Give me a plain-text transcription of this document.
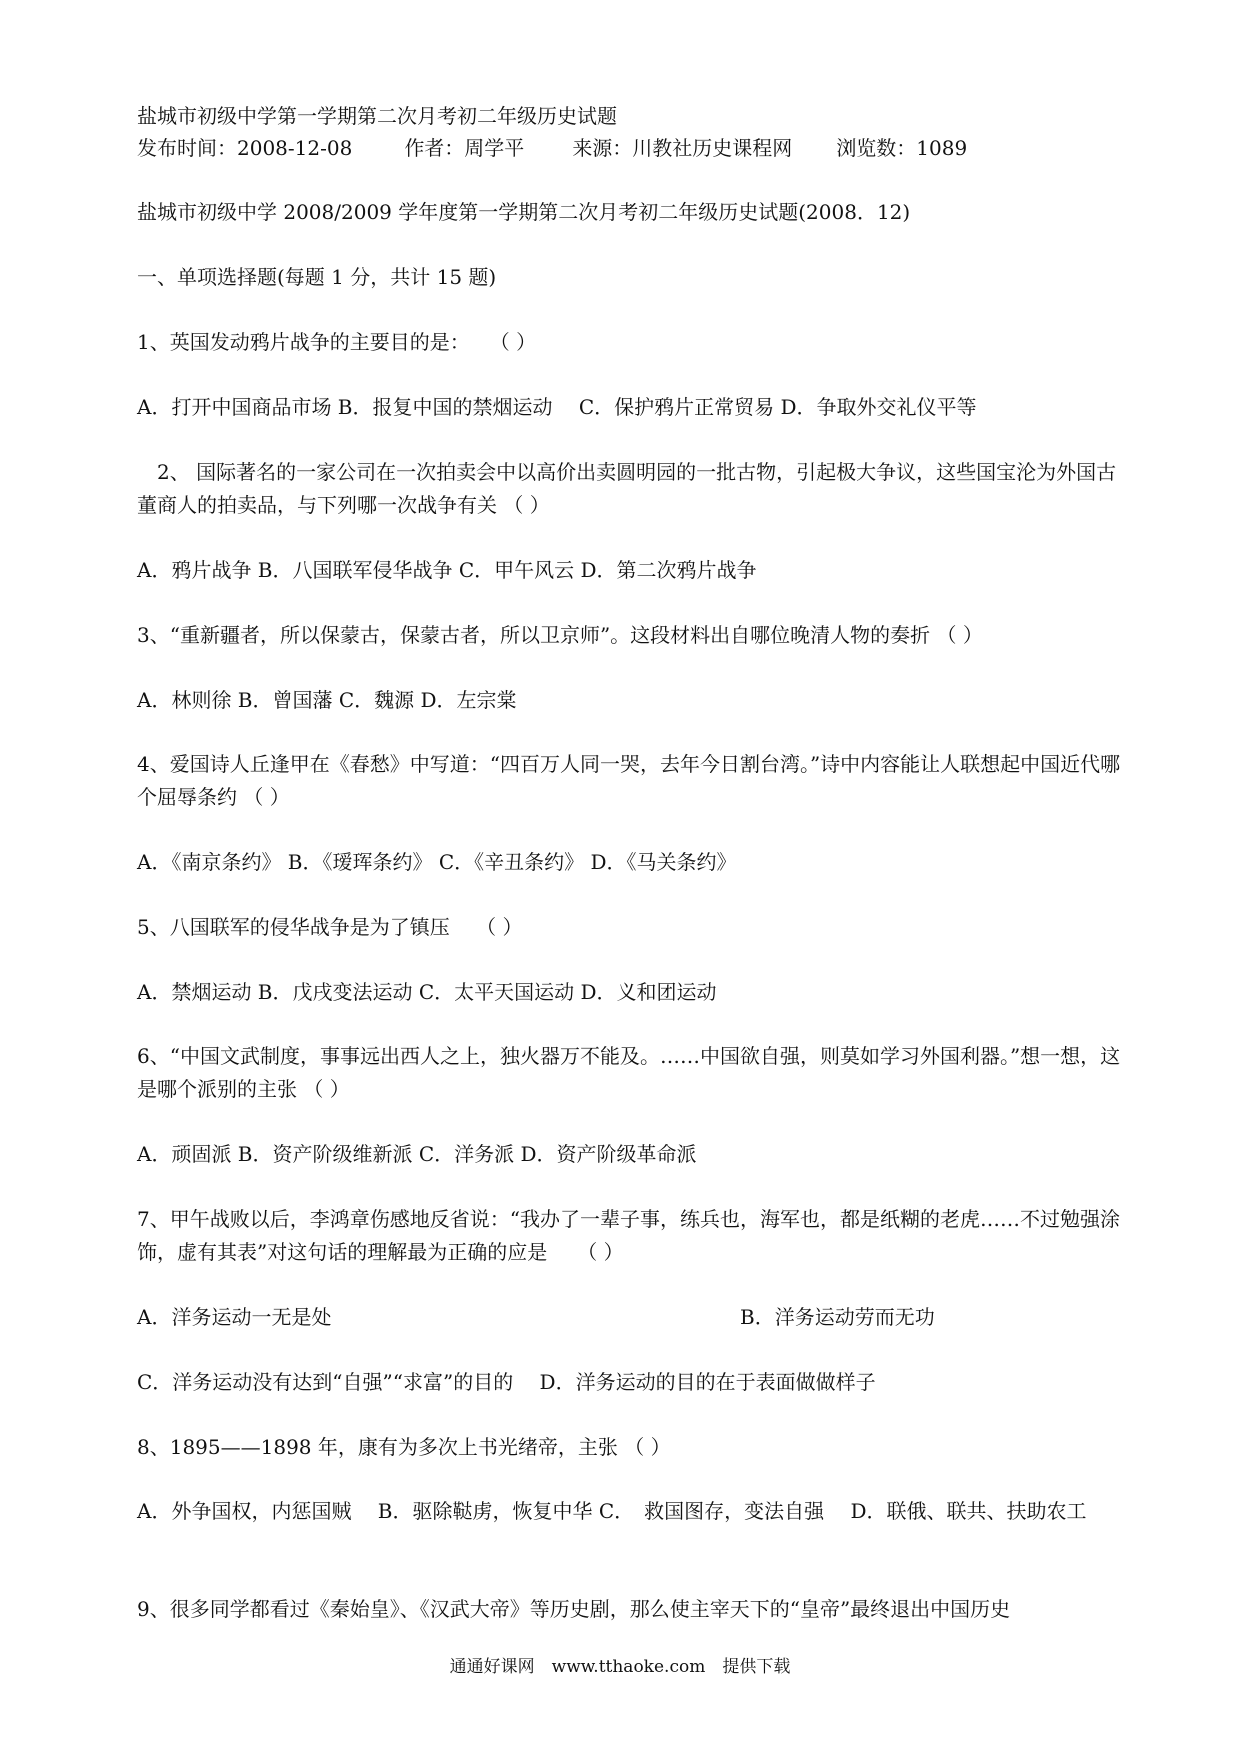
盐城市初级中学第一学期第二次月考初二年级历史试题
发布时间：2008-12-08	作者：周学平 来源：川教社历史课程网 浏览数：1089
盐城市初级中学 2008/2009 学年度第一学期第二次月考初二年级历史试题(2008．12)
一、单项选择题(每题 1 分，共计 15 题)
1、英国发动鸦片战争的主要目的是：　　（ ）
A．打开中国商品市场 B．报复中国的禁烟运动　 C．保护鸦片正常贸易 D．争取外交礼仪平等
　2、 国际著名的一家公司在一次拍卖会中以高价出卖圆明园的一批古物，引起极大争议，这些国宝沦为外国古董商人的拍卖品，与下列哪一次战争有关 （ ）
A．鸦片战争 B．八国联军侵华战争 C．甲午风云 D．第二次鸦片战争
3、“重新疆者，所以保蒙古，保蒙古者，所以卫京师”。这段材料出自哪位晚清人物的奏折 （ ）
A．林则徐 B．曾国藩 C．魏源 D．左宗棠
4、爱国诗人丘逢甲在《春愁》中写道：“四百万人同一哭，去年今日割台湾。”诗中内容能让人联想起中国近代哪个屈辱条约 （ ）
A．《南京条约》 B．《瑷珲条约》 C．《辛丑条约》 D．《马关条约》
5、八国联军的侵华战争是为了镇压　 （ ）
A．禁烟运动 B．戊戌变法运动 C．太平天国运动 D．义和团运动
6、“中国文武制度，事事远出西人之上，独火器万不能及。……中国欲自强，则莫如学习外国利器。”想一想，这是哪个派别的主张 （ ）
A．顽固派 B．资产阶级维新派 C．洋务派 D．资产阶级革命派
7、甲午战败以后，李鸿章伤感地反省说：“我办了一辈子事，练兵也，海军也，都是纸糊的老虎……不过勉强涂饰，虚有其表”对这句话的理解最为正确的应是　　（ ）
A．洋务运动一无是处	B．洋务运动劳而无功
C．洋务运动没有达到“自强”“求富”的目的　 D．洋务运动的目的在于表面做做样子
8、1895——1898 年，康有为多次上书光绪帝，主张 （ ）
A．外争国权，内惩国贼　 B．驱除鞑虏，恢复中华 C．　救国图存，变法自强　 D．联俄、联共、扶助农工
9、很多同学都看过《秦始皇》、《汉武大帝》等历史剧，那么使主宰天下的“皇帝”最终退出中国历史
通通好课网　www.tthaoke.com　提供下载
